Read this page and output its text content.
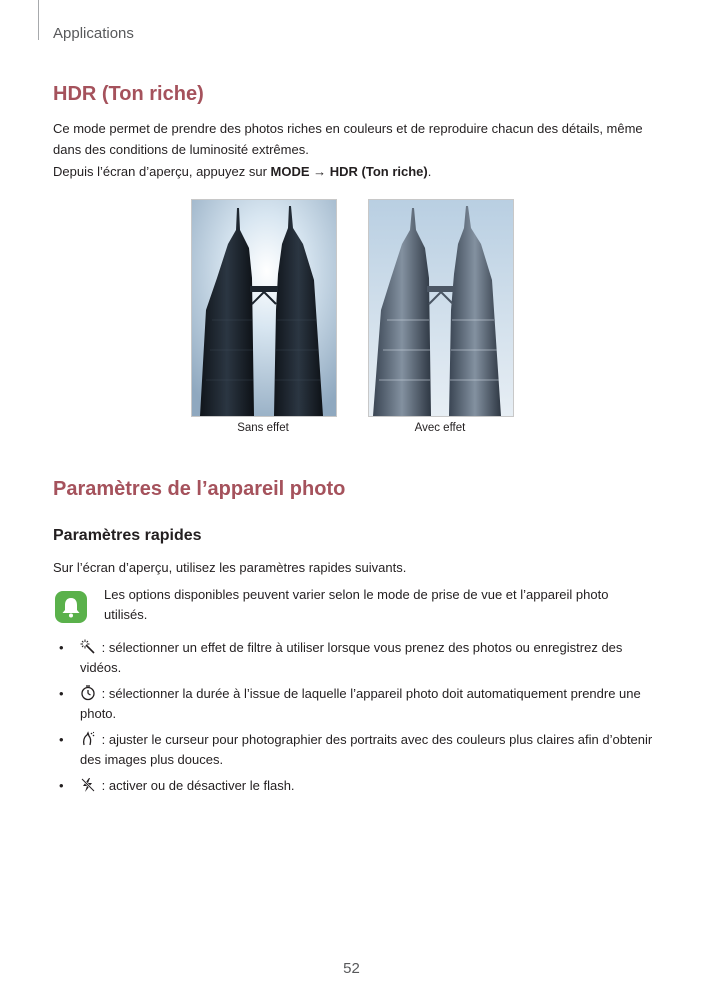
Applications
HDR (Ton riche)

Ce mode permet de prendre des photos riches en couleurs et de reproduire chacun des détails, même dans des conditions de luminosité extrêmes.

Depuis l’écran d’aperçu, appuyez sur MODE → HDR (Ton riche).

Sans effet	Avec effet
Paramètres de l’appareil photo
Paramètres rapides

Sur l’écran d’aperçu, utilisez les paramètres rapides suivants.

Les options disponibles peuvent varier selon le mode de prise de vue et l’appareil photo utilisés.

•	: sélectionner un effet de filtre à utiliser lorsque vous prenez des photos ou enregistrez des vidéos.
•	: sélectionner la durée à l’issue de laquelle l’appareil photo doit automatiquement prendre une photo.
•	: ajuster le curseur pour photographier des portraits avec des couleurs plus claires afin d’obtenir des images plus douces.
•	: activer ou de désactiver le flash.
52
